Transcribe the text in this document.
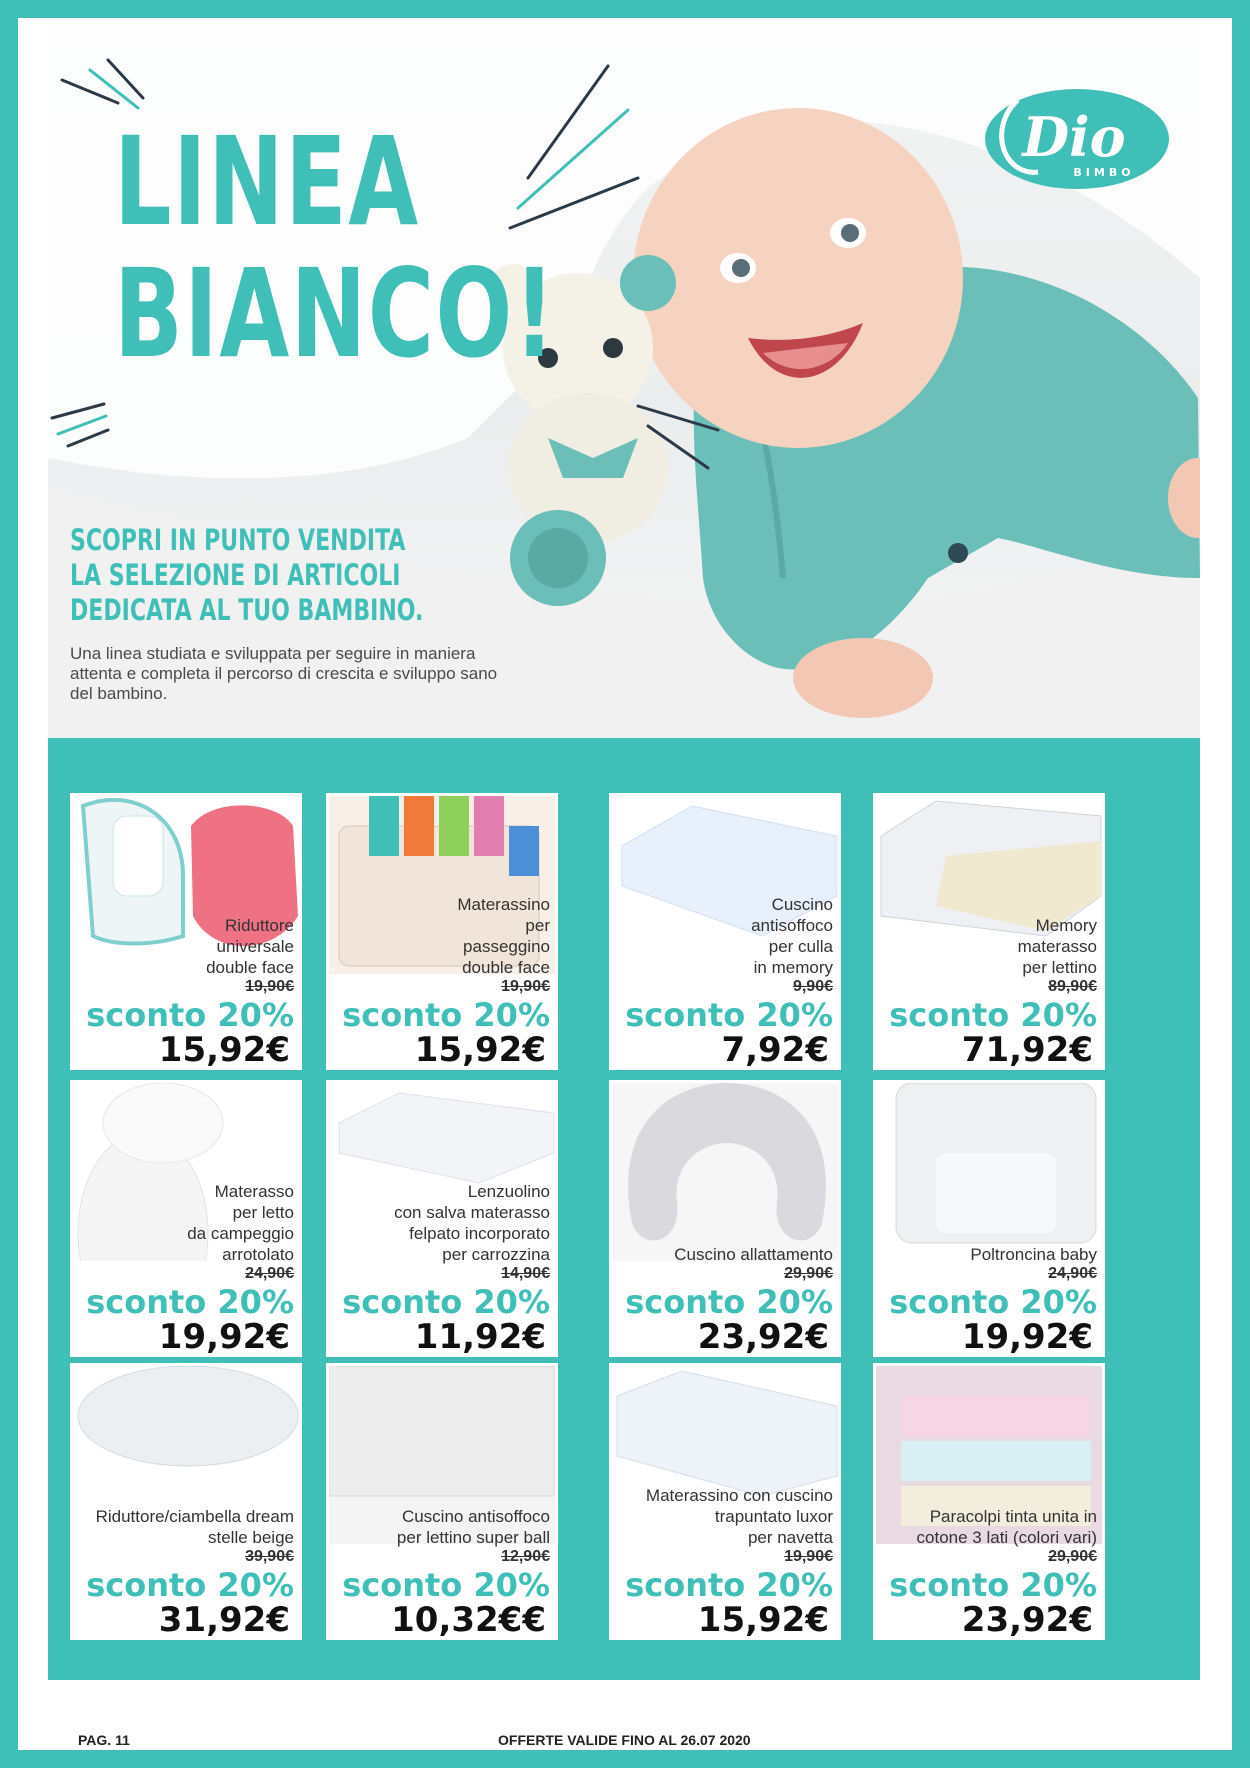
LINEA
BIANCO!
SCOPRI IN PUNTO VENDITA
LA SELEZIONE DI ARTICOLI
DEDICATA AL TUO BAMBINO.
Una linea studiata e sviluppata per seguire in maniera attenta e completa il percorso di crescita e sviluppo sano del bambino.
Dio
BIMBO
Riduttore
universale
double face
19,90€
sconto 20%
15,92€
Materassino
per
passeggino
double face
19,90€
sconto 20%
15,92€
Cuscino
antisoffoco
per culla
in memory
9,90€
sconto 20%
7,92€
Memory
materasso
per lettino
89,90€
sconto 20%
71,92€
Materasso
per letto
da campeggio
arrotolato
24,90€
sconto 20%
19,92€
Lenzuolino
con salva materasso
felpato incorporato
per carrozzina
14,90€
sconto 20%
11,92€
Cuscino allattamento
29,90€
sconto 20%
23,92€
Poltroncina baby
24,90€
sconto 20%
19,92€
Riduttore/ciambella dream
stelle beige
39,90€
sconto 20%
31,92€
Cuscino antisoffoco
per lettino super ball
12,90€
sconto 20%
10,32€€
Materassino con cuscino
trapuntato luxor
per navetta
19,90€
sconto 20%
15,92€
Paracolpi tinta unita in
cotone 3 lati (colori vari)
29,90€
sconto 20%
23,92€
PAG. 11	OFFERTE VALIDE FINO AL 26.07 2020
